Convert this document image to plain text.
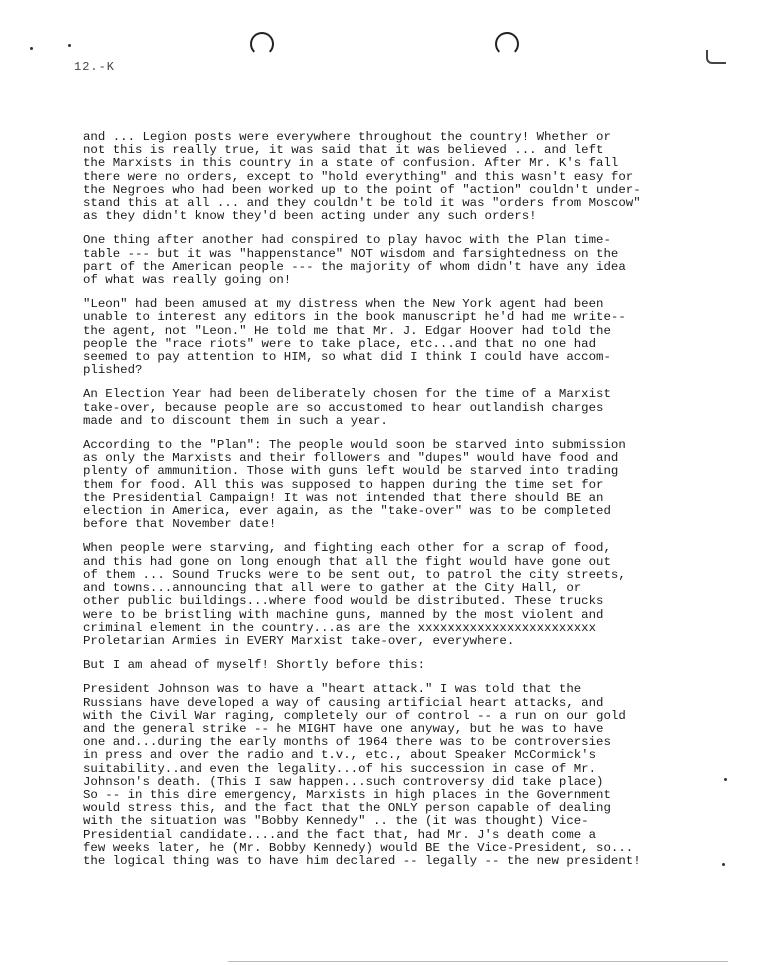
12.-K
and ... Legion posts were everywhere throughout the country! Whether or
not this is really true, it was said that it was believed ... and left
the Marxists in this country in a state of confusion. After Mr. K's fall
there were no orders, except to "hold everything" and this wasn't easy for
the Negroes who had been worked up to the point of "action" couldn't under-
stand this at all ... and they couldn't be told it was "orders from Moscow"
as they didn't know they'd been acting under any such orders!
One thing after another had conspired to play havoc with the Plan time-
table --- but it was "happenstance" NOT wisdom and farsightedness on the
part of the American people --- the majority of whom didn't have any idea
of what was really going on!
"Leon" had been amused at my distress when the New York agent had been
unable to interest any editors in the book manuscript he'd had me write--
the agent, not "Leon." He told me that Mr. J. Edgar Hoover had told the
people the "race riots" were to take place, etc...and that no one had
seemed to pay attention to HIM, so what did I think I could have accom-
plished?
An Election Year had been deliberately chosen for the time of a Marxist
take-over, because people are so accustomed to hear outlandish charges
made and to discount them in such a year.
According to the "Plan": The people would soon be starved into submission
as only the Marxists and their followers and "dupes" would have food and
plenty of ammunition. Those with guns left would be starved into trading
them for food. All this was supposed to happen during the time set for
the Presidential Campaign! It was not intended that there should BE an
election in America, ever again, as the "take-over" was to be completed
before that November date!
When people were starving, and fighting each other for a scrap of food,
and this had gone on long enough that all the fight would have gone out
of them ... Sound Trucks were to be sent out, to patrol the city streets,
and towns...announcing that all were to gather at the City Hall, or
other public buildings...where food would be distributed. These trucks
were to be bristling with machine guns, manned by the most violent and
criminal element in the country...as are the xxxxxxxxxxxxxxxxxxxxxxxx
Proletarian Armies in EVERY Marxist take-over, everywhere.
But I am ahead of myself! Shortly before this:
President Johnson was to have a "heart attack." I was told that the
Russians have developed a way of causing artificial heart attacks, and
with the Civil War raging, completely our of control -- a run on our gold
and the general strike -- he MIGHT have one anyway, but he was to have
one and...during the early months of 1964 there was to be controversies
in press and over the radio and t.v., etc., about Speaker McCormick's
suitability..and even the legality...of his succession in case of Mr.
Johnson's death. (This I saw happen...such controversy did take place)
So -- in this dire emergency, Marxists in high places in the Government
would stress this, and the fact that the ONLY person capable of dealing
with the situation was "Bobby Kennedy" .. the (it was thought) Vice-
Presidential candidate....and the fact that, had Mr. J's death come a
few weeks later, he (Mr. Bobby Kennedy) would BE the Vice-President, so...
the logical thing was to have him declared -- legally -- the new president!
